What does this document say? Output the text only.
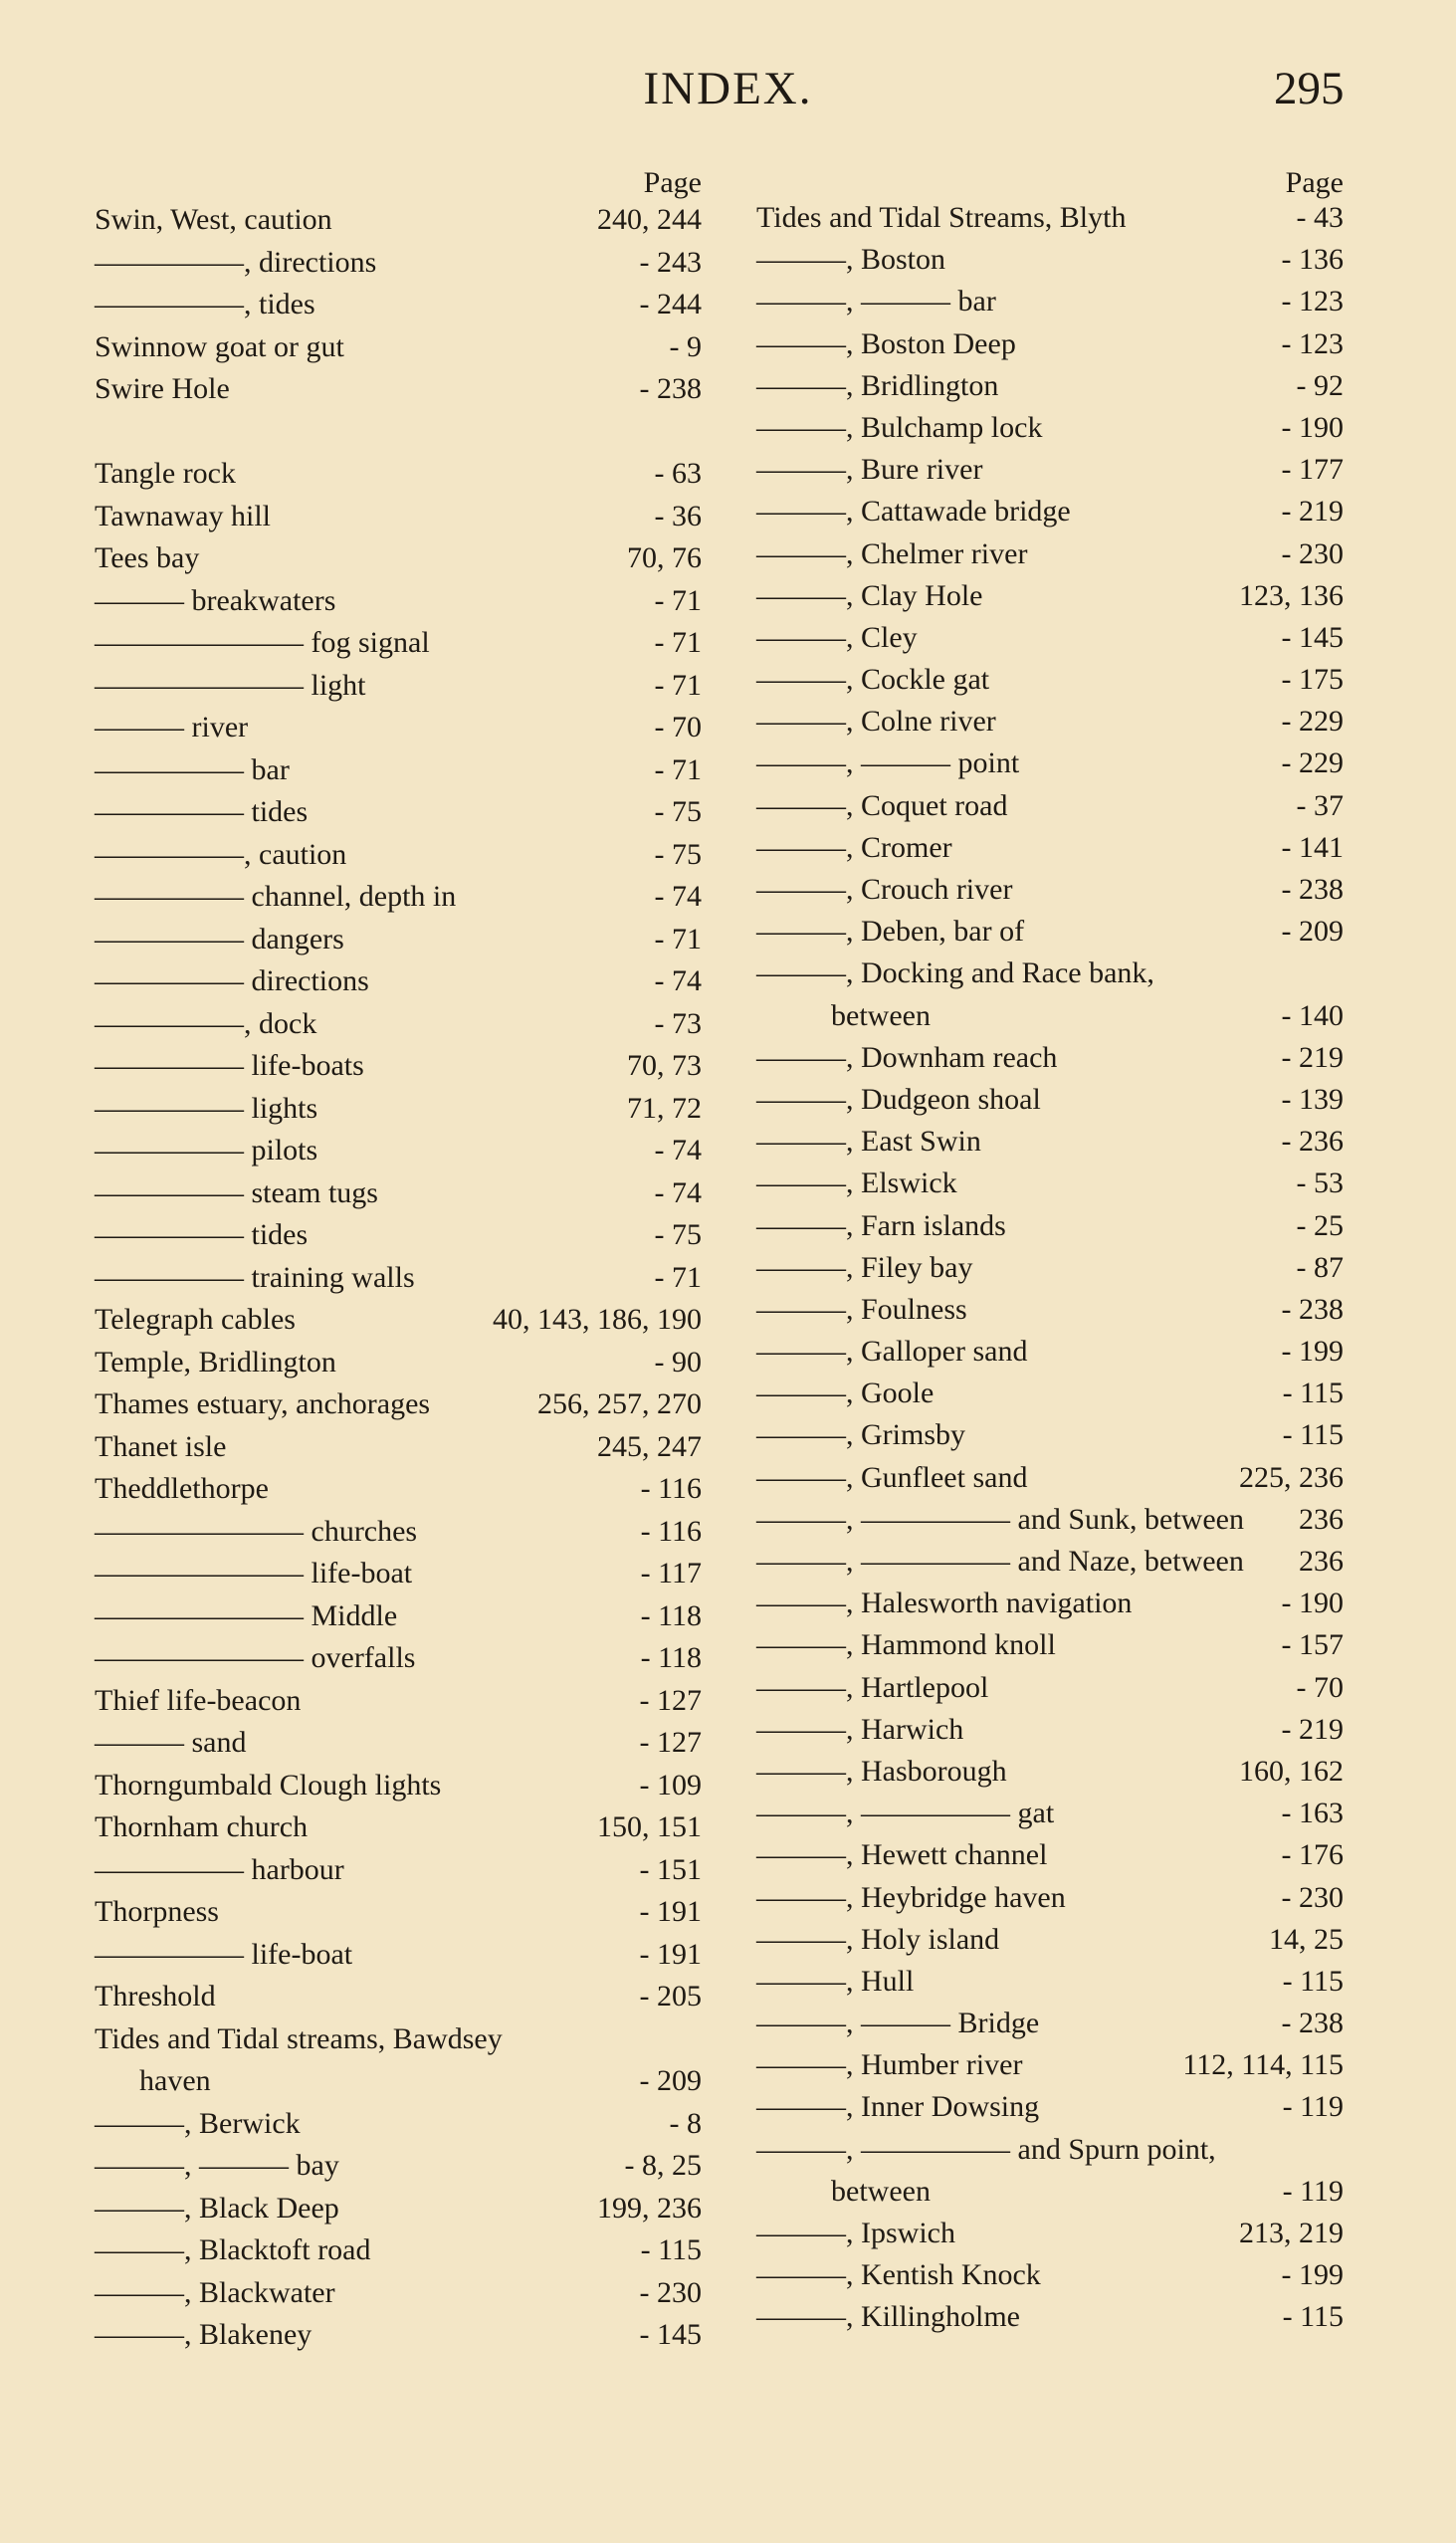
INDEX.	295
Page
Swin, West, caution	240, 244
—————, directions	- 243
—————, tides	- 244
Swinnow goat or gut	- 9
Swire Hole	- 238
Tangle rock	- 63
Tawnaway hill	- 36
Tees bay	70, 76
——— breakwaters	- 71
——————— fog signal	- 71
——————— light	- 71
——— river	- 70
————— bar	- 71
————— tides	- 75
—————, caution	- 75
————— channel, depth in	- 74
————— dangers	- 71
————— directions	- 74
—————, dock	- 73
————— life-boats	70, 73
————— lights	71, 72
————— pilots	- 74
————— steam tugs	- 74
————— tides	- 75
————— training walls	- 71
Telegraph cables	40, 143, 186, 190
Temple, Bridlington	- 90
Thames estuary, anchorages	256, 257, 270
Thanet isle	245, 247
Theddlethorpe	- 116
——————— churches	- 116
——————— life-boat	- 117
——————— Middle	- 118
——————— overfalls	- 118
Thief life-beacon	- 127
——— sand	- 127
Thorngumbald Clough lights	- 109
Thornham church	150, 151
————— harbour	- 151
Thorpness	- 191
————— life-boat	- 191
Threshold	- 205
Tides and Tidal streams, Bawdsey
haven	- 209
———, Berwick	- 8
———, ——— bay	- 8, 25
———, Black Deep	199, 236
———, Blacktoft road	- 115
———, Blackwater	- 230
———, Blakeney	- 145
Page
Tides and Tidal Streams, Blyth	- 43
———, Boston	- 136
———, ——— bar	- 123
———, Boston Deep	- 123
———, Bridlington	- 92
———, Bulchamp lock	- 190
———, Bure river	- 177
———, Cattawade bridge	- 219
———, Chelmer river	- 230
———, Clay Hole	123, 136
———, Cley	- 145
———, Cockle gat	- 175
———, Colne river	- 229
———, ——— point	- 229
———, Coquet road	- 37
———, Cromer	- 141
———, Crouch river	- 238
———, Deben, bar of	- 209
———, Docking and Race bank,
between	- 140
———, Downham reach	- 219
———, Dudgeon shoal	- 139
———, East Swin	- 236
———, Elswick	- 53
———, Farn islands	- 25
———, Filey bay	- 87
———, Foulness	- 238
———, Galloper sand	- 199
———, Goole	- 115
———, Grimsby	- 115
———, Gunfleet sand	225, 236
———, ————— and Sunk, between 236
———, ————— and Naze, between 236
———, Halesworth navigation	- 190
———, Hammond knoll	- 157
———, Hartlepool	- 70
———, Harwich	- 219
———, Hasborough	160, 162
———, ————— gat	- 163
———, Hewett channel	- 176
———, Heybridge haven	- 230
———, Holy island	14, 25
———, Hull	- 115
———, ——— Bridge	- 238
———, Humber river	112, 114, 115
———, Inner Dowsing	- 119
———, ————— and Spurn point,
between	- 119
———, Ipswich	213, 219
———, Kentish Knock	- 199
———, Killingholme	- 115
